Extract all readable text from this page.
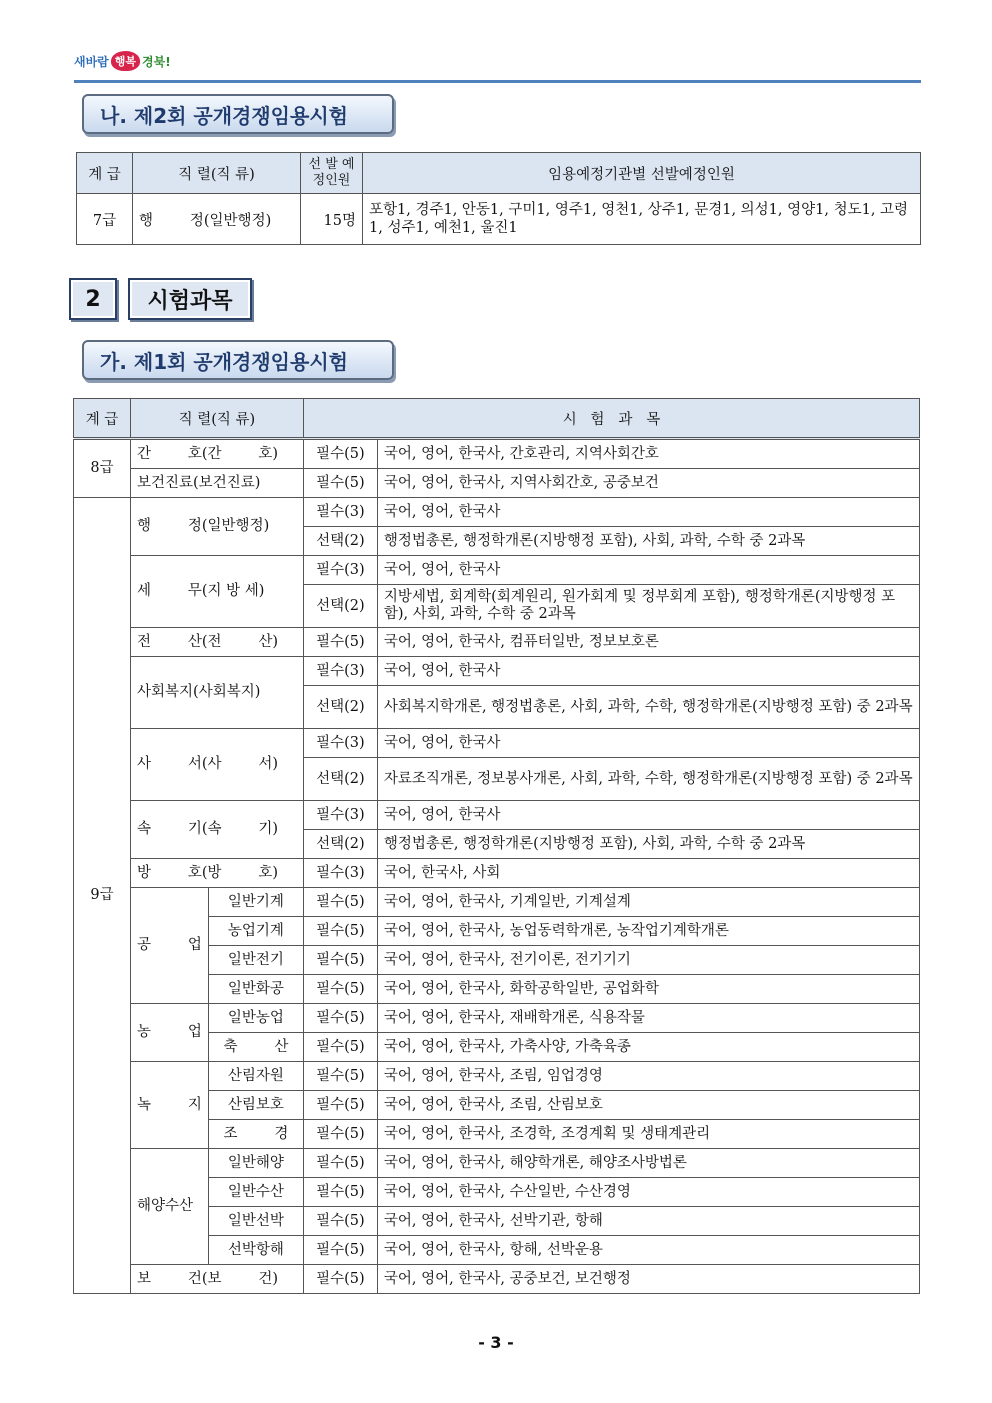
새바람 행복 경북!
나. 제2회 공개경쟁임용시험
계 급	직 렬(직 류)	선 발 예정인원	임용예정기관별 선발예정인원
7급	행        정(일반행정)	15명	포항1, 경주1, 안동1, 구미1, 영주1, 영천1, 상주1, 문경1, 의성1, 영양1, 청도1, 고령1, 성주1, 예천1, 울진1
2	시험과목
가. 제1회 공개경쟁임용시험
계 급	직 렬(직 류)		시   험   과   목	
8급	간        호(간        호)		필수(5)	국어, 영어, 한국사, 간호관리, 지역사회간호
	보건진료(보건진료)		필수(5)	국어, 영어, 한국사, 지역사회간호, 공중보건
9급	행        정(일반행정)		필수(3)	국어, 영어, 한국사
			선택(2)	행정법총론, 행정학개론(지방행정 포함), 사회, 과학, 수학 중 2과목
	세        무(지 방 세)		필수(3)	국어, 영어, 한국사
			선택(2)	지방세법, 회계학(회계원리, 원가회계 및 정부회계 포함), 행정학개론(지방행정 포함), 사회, 과학, 수학 중 2과목
	전        산(전        산)		필수(5)	국어, 영어, 한국사, 컴퓨터일반, 정보보호론
	사회복지(사회복지)		필수(3)	국어, 영어, 한국사
			선택(2)	사회복지학개론, 행정법총론, 사회, 과학, 수학, 행정학개론(지방행정 포함) 중 2과목
	사        서(사        서)		필수(3)	국어, 영어, 한국사
			선택(2)	자료조직개론, 정보봉사개론, 사회, 과학, 수학, 행정학개론(지방행정 포함) 중 2과목
	속        기(속        기)		필수(3)	국어, 영어, 한국사
			선택(2)	행정법총론, 행정학개론(지방행정 포함), 사회, 과학, 수학 중 2과목
	방        호(방        호)		필수(3)	국어, 한국사, 사회
	공        업	일반기계	필수(5)	국어, 영어, 한국사, 기계일반, 기계설계
		농업기계	필수(5)	국어, 영어, 한국사, 농업동력학개론, 농작업기계학개론
		일반전기	필수(5)	국어, 영어, 한국사, 전기이론, 전기기기
		일반화공	필수(5)	국어, 영어, 한국사, 화학공학일반, 공업화학
	농        업	일반농업	필수(5)	국어, 영어, 한국사, 재배학개론, 식용작물
		축        산	필수(5)	국어, 영어, 한국사, 가축사양, 가축육종
	녹        지	산림자원	필수(5)	국어, 영어, 한국사, 조림, 임업경영
		산림보호	필수(5)	국어, 영어, 한국사, 조림, 산림보호
		조        경	필수(5)	국어, 영어, 한국사, 조경학, 조경계획 및 생태계관리
	해양수산	일반해양	필수(5)	국어, 영어, 한국사, 해양학개론, 해양조사방법론
		일반수산	필수(5)	국어, 영어, 한국사, 수산일반, 수산경영
		일반선박	필수(5)	국어, 영어, 한국사, 선박기관, 항해
		선박항해	필수(5)	국어, 영어, 한국사, 항해, 선박운용
	보        건(보        건)		필수(5)	국어, 영어, 한국사, 공중보건, 보건행정
- 3 -
